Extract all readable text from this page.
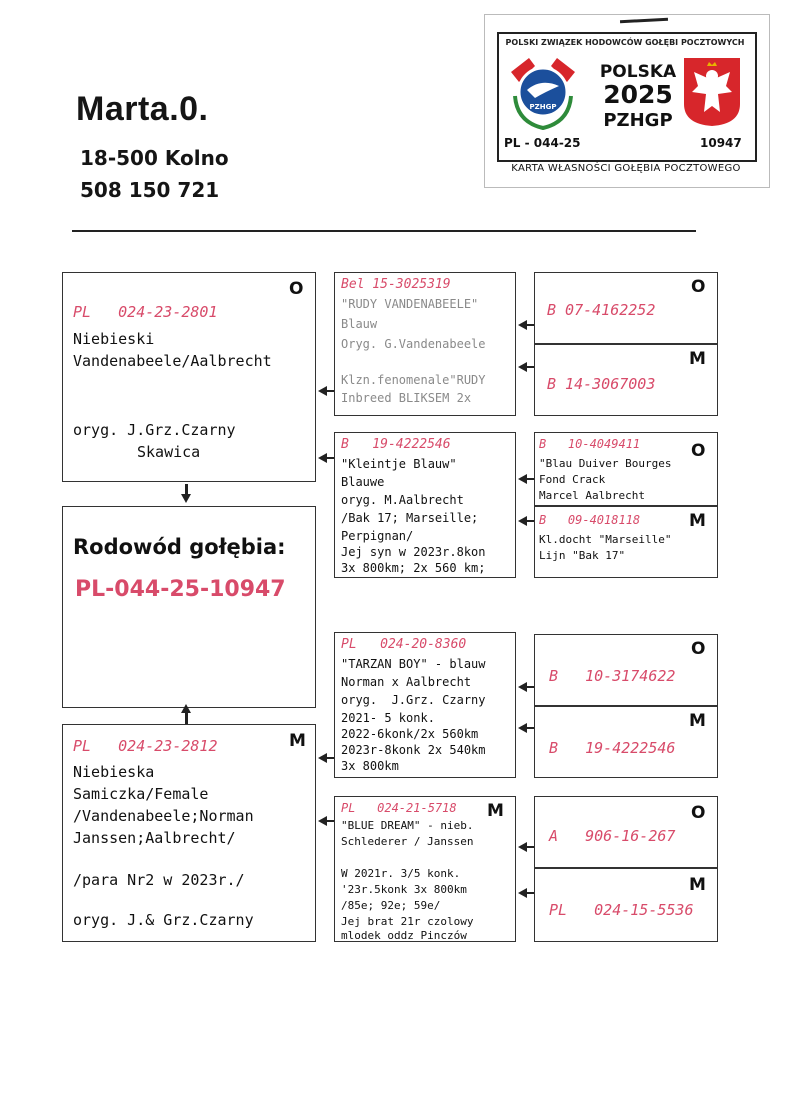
Marta.0.
18-500 Kolno
508 150 721
POLSKI ZWIĄZEK HODOWCÓW GOŁĘBI POCZTOWYCH
PZHGP
POLSKA
2025
PZHGP
PL - 044-25	10947
KARTA WŁASNOŚCI GOŁĘBIA POCZTOWEGO
O
PL   024-23-2801
Niebieski
Vandenabeele/Aalbrecht
oryg. J.Grz.Czarny
Skawica
Rodowód gołębia:
PL-044-25-10947
M
PL   024-23-2812
Niebieska
Samiczka/Female
/Vandenabeele;Norman
Janssen;Aalbrecht/
/para Nr2 w 2023r./
oryg. J.& Grz.Czarny
Bel 15-3025319
"RUDY VANDENABEELE"
Blauw
Oryg. G.Vandenabeele
Klzn.fenomenale"RUDY
Inbreed BLIKSEM 2x
B   19-4222546
"Kleintje Blauw"
Blauwe
oryg. M.Aalbrecht
/Bak 17; Marseille;
Perpignan/
Jej syn w 2023r.8kon
3x 800km; 2x 560 km;
PL   024-20-8360
"TARZAN BOY" - blauw
Norman x Aalbrecht
oryg.  J.Grz. Czarny
2021- 5 konk.
2022-6konk/2x 560km
2023r-8konk 2x 540km
3x 800km
M
PL   024-21-5718
"BLUE DREAM" - nieb.
Schlederer / Janssen
W 2021r. 3/5 konk.
'23r.5konk 3x 800km
/85e; 92e; 59e/
Jej brat 21r czolowy
mlodek oddz Pinczów
O
B 07-4162252
M
B 14-3067003
O
B   10-4049411
"Blau Duiver Bourges
Fond Crack
Marcel Aalbrecht
M
B   09-4018118
Kl.docht "Marseille"
Lijn "Bak 17"
O
B   10-3174622
M
B   19-4222546
O
A   906-16-267
M
PL   024-15-5536
